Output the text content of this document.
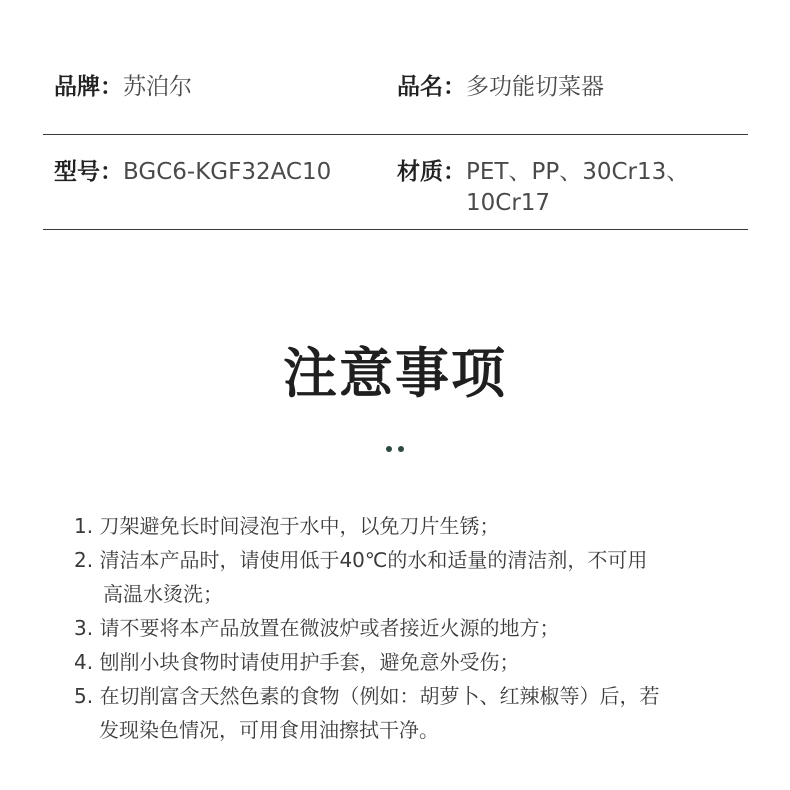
品牌：苏泊尔	品名：多功能切菜器
型号：BGC6-KGF32AC10	材质：PET、PP、30Cr13、
10Cr17
注意事项

1. 刀架避免长时间浸泡于水中，以免刀片生锈；
2. 清洁本产品时，请使用低于40℃的水和适量的清洁剂，不可用
高温水烫洗；
3. 请不要将本产品放置在微波炉或者接近火源的地方；
4. 刨削小块食物时请使用护手套，避免意外受伤；
5. 在切削富含天然色素的食物（例如：胡萝卜、红辣椒等）后，若
发现染色情况，可用食用油擦拭干净。
